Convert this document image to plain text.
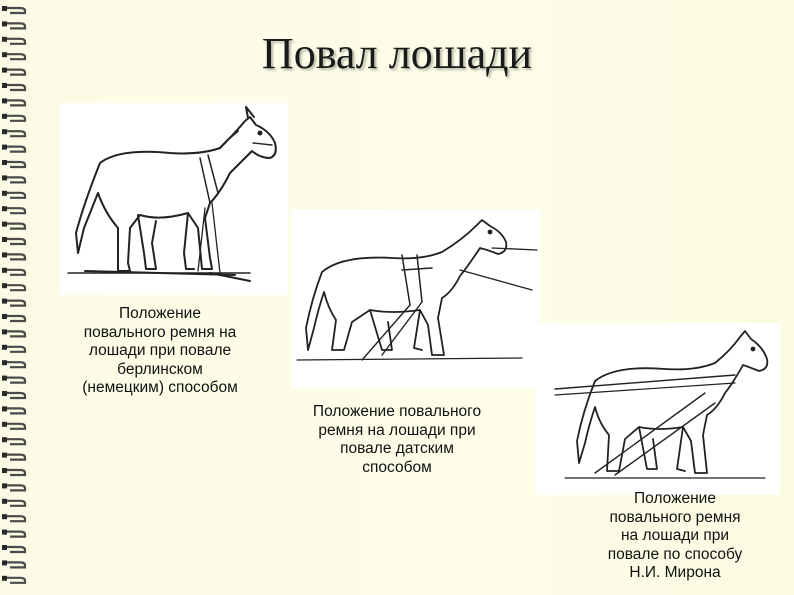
Повал лошади
Положение
повального ремня на
лошади при повале
берлинском
(немецким) способом
Положение повального
ремня на лошади при
повале датским
способом
Положение
повального ремня
на лошади при
повале по способу
Н.И. Мирона
